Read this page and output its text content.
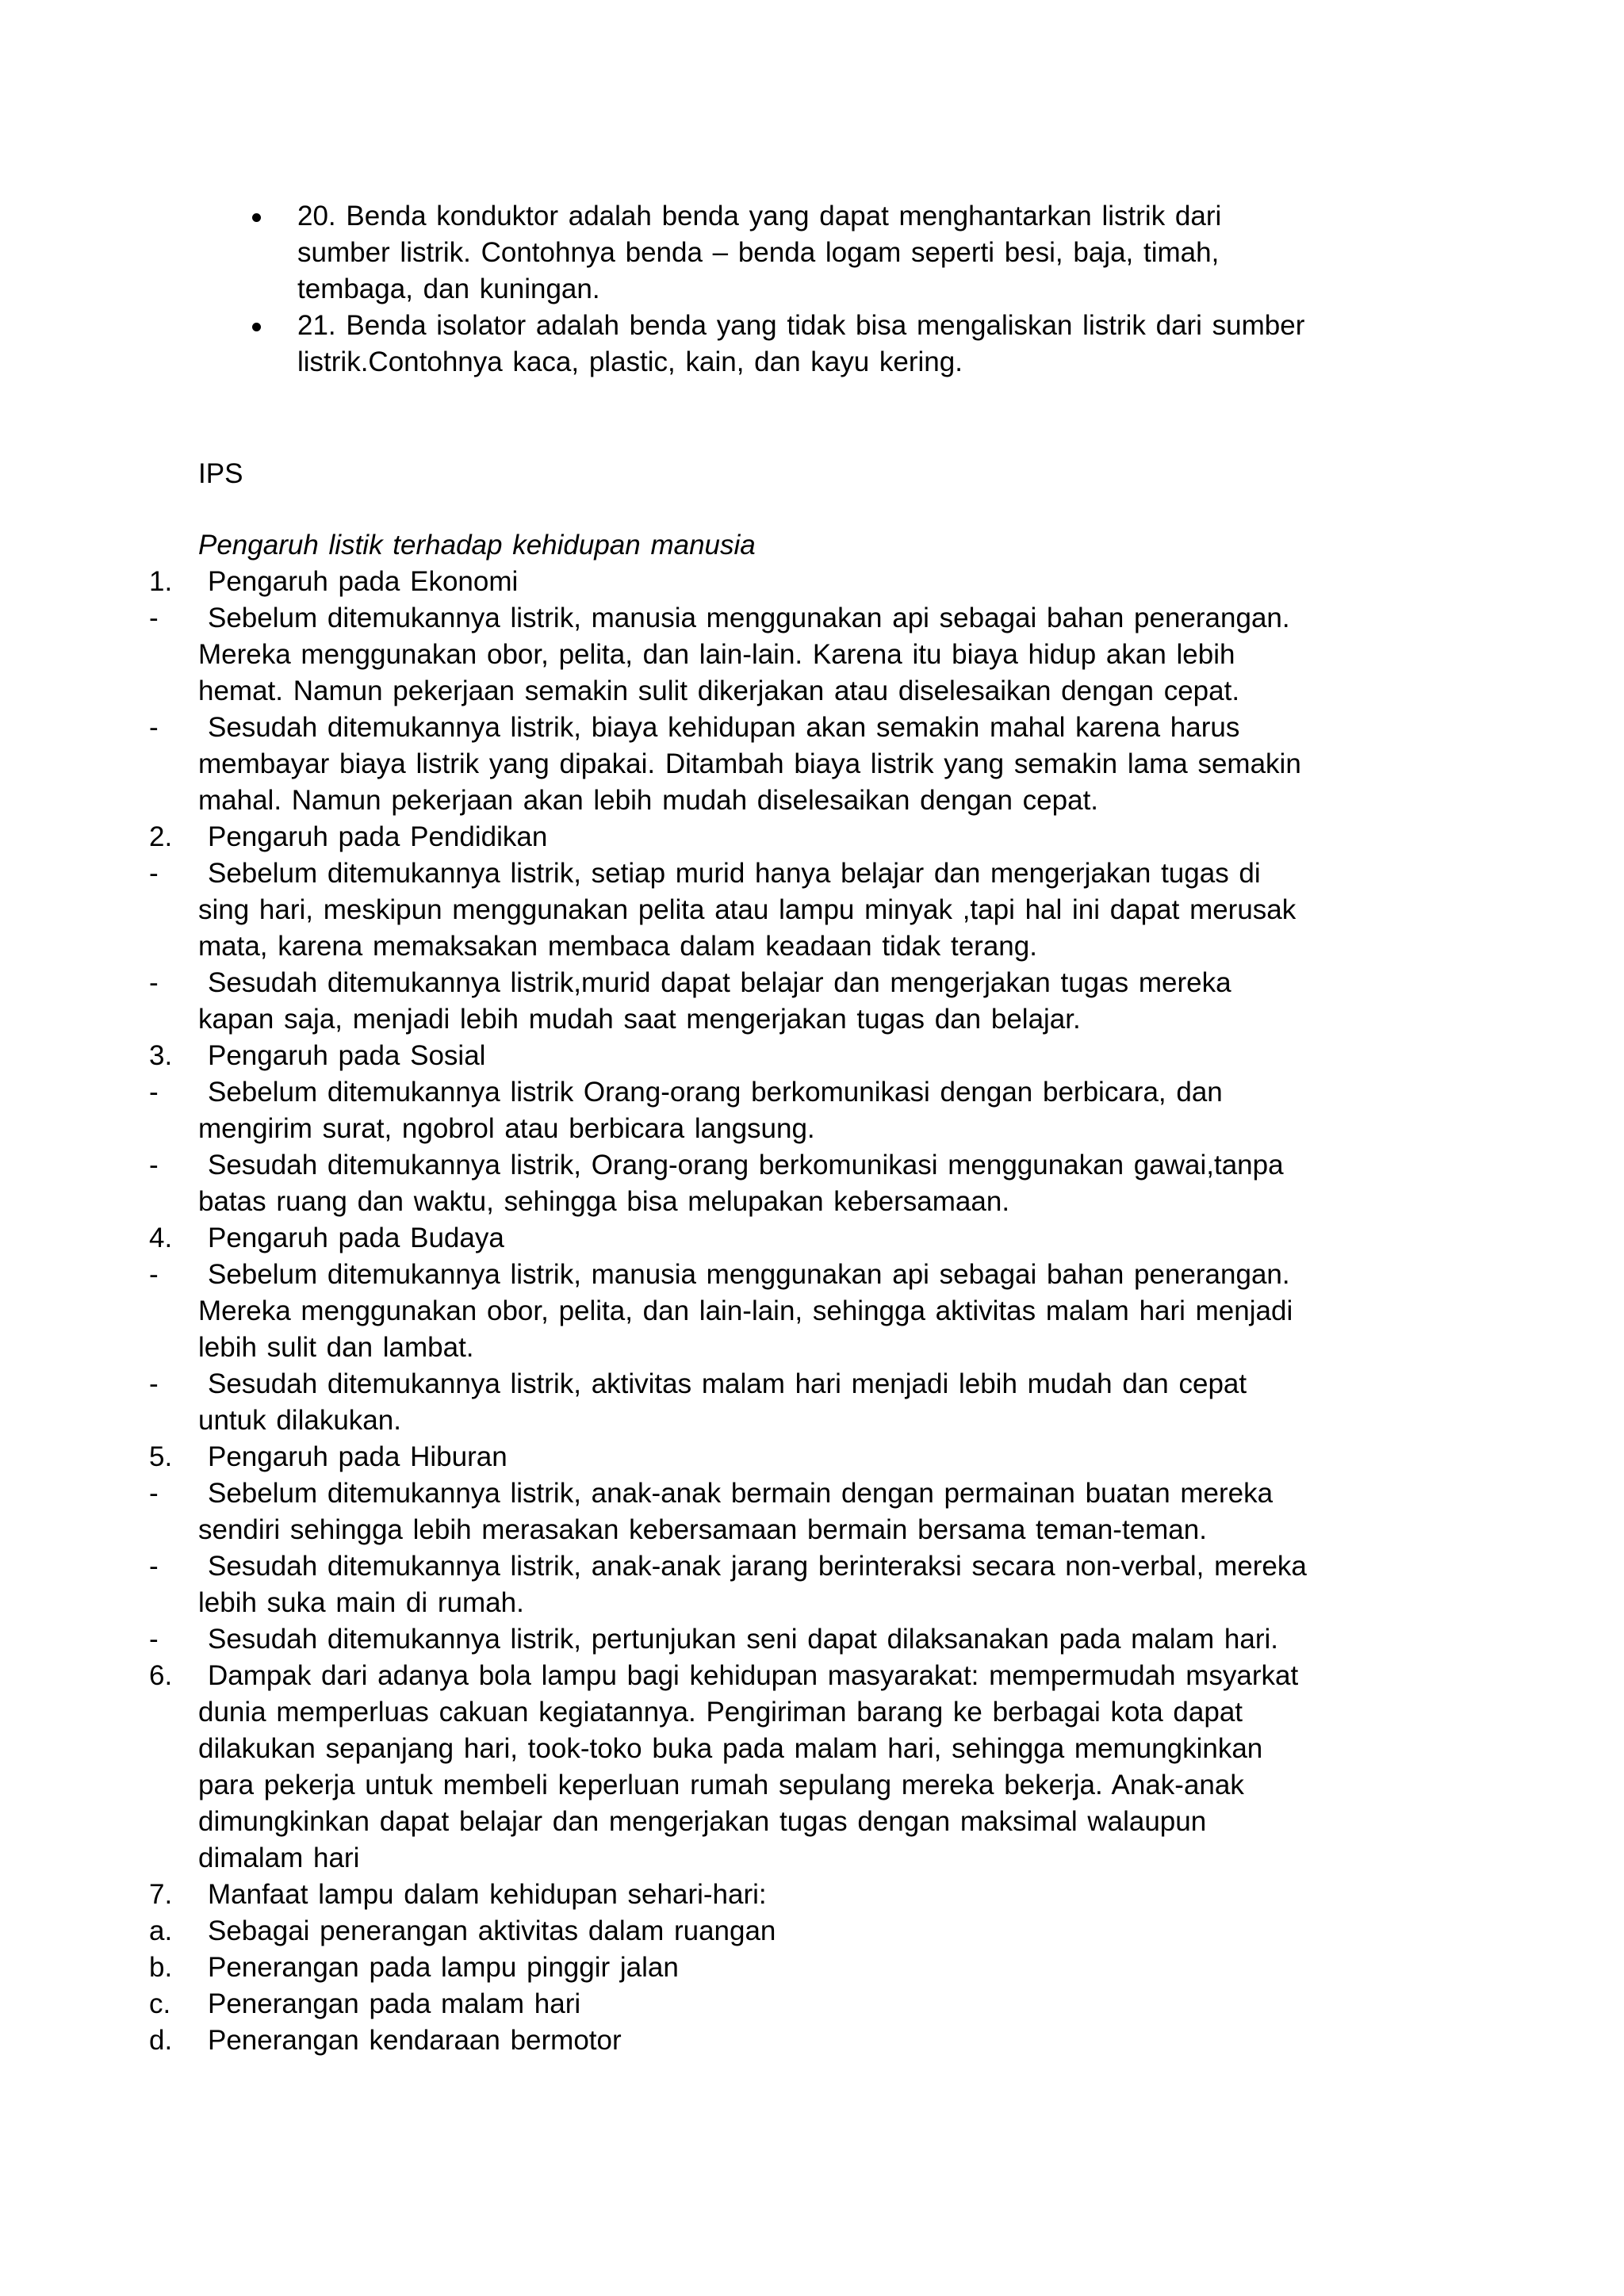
20. Benda konduktor adalah benda yang dapat menghantarkan listrik dari
sumber listrik. Contohnya benda – benda logam seperti besi, baja, timah,
tembaga, dan kuningan.
21. Benda isolator adalah benda yang tidak bisa mengaliskan listrik dari sumber
listrik.Contohnya kaca, plastic, kain, dan kayu kering.
IPS
Pengaruh listik terhadap kehidupan manusia
1. Pengaruh pada Ekonomi
- Sebelum ditemukannya listrik, manusia menggunakan api sebagai bahan penerangan.
Mereka menggunakan obor, pelita, dan lain-lain. Karena itu biaya hidup akan lebih
hemat. Namun pekerjaan semakin sulit dikerjakan atau diselesaikan dengan cepat.
- Sesudah ditemukannya listrik, biaya kehidupan akan semakin mahal karena harus
membayar biaya listrik yang dipakai. Ditambah biaya listrik yang semakin lama semakin
mahal. Namun pekerjaan akan lebih mudah diselesaikan dengan cepat.
2. Pengaruh pada Pendidikan
- Sebelum ditemukannya listrik, setiap murid hanya belajar dan mengerjakan tugas di
sing hari, meskipun menggunakan pelita atau lampu minyak ,tapi hal ini dapat merusak
mata, karena memaksakan membaca dalam keadaan tidak terang.
- Sesudah ditemukannya listrik,murid dapat belajar dan mengerjakan tugas mereka
kapan saja, menjadi lebih mudah saat mengerjakan tugas dan belajar.
3. Pengaruh pada Sosial
- Sebelum ditemukannya listrik Orang-orang berkomunikasi dengan berbicara, dan
mengirim surat, ngobrol atau berbicara langsung.
- Sesudah ditemukannya listrik, Orang-orang berkomunikasi menggunakan gawai,tanpa
batas ruang dan waktu, sehingga bisa melupakan kebersamaan.
4. Pengaruh pada Budaya
- Sebelum ditemukannya listrik, manusia menggunakan api sebagai bahan penerangan.
Mereka menggunakan obor, pelita, dan lain-lain, sehingga aktivitas malam hari menjadi
lebih sulit dan lambat.
- Sesudah ditemukannya listrik, aktivitas malam hari menjadi lebih mudah dan cepat
untuk dilakukan.
5. Pengaruh pada Hiburan
- Sebelum ditemukannya listrik, anak-anak bermain dengan permainan buatan mereka
sendiri sehingga lebih merasakan kebersamaan bermain bersama teman-teman.
- Sesudah ditemukannya listrik, anak-anak jarang berinteraksi secara non-verbal, mereka
lebih suka main di rumah.
- Sesudah ditemukannya listrik, pertunjukan seni dapat dilaksanakan pada malam hari.
6. Dampak dari adanya bola lampu bagi kehidupan masyarakat: mempermudah msyarkat
dunia memperluas cakuan kegiatannya. Pengiriman barang ke berbagai kota dapat
dilakukan sepanjang hari, took-toko buka pada malam hari, sehingga memungkinkan
para pekerja untuk membeli keperluan rumah sepulang mereka bekerja. Anak-anak
dimungkinkan dapat belajar dan mengerjakan tugas dengan maksimal walaupun
dimalam hari
7. Manfaat lampu dalam kehidupan sehari-hari:
a. Sebagai penerangan aktivitas dalam ruangan
b. Penerangan pada lampu pinggir jalan
c. Penerangan pada malam hari
d. Penerangan kendaraan bermotor
